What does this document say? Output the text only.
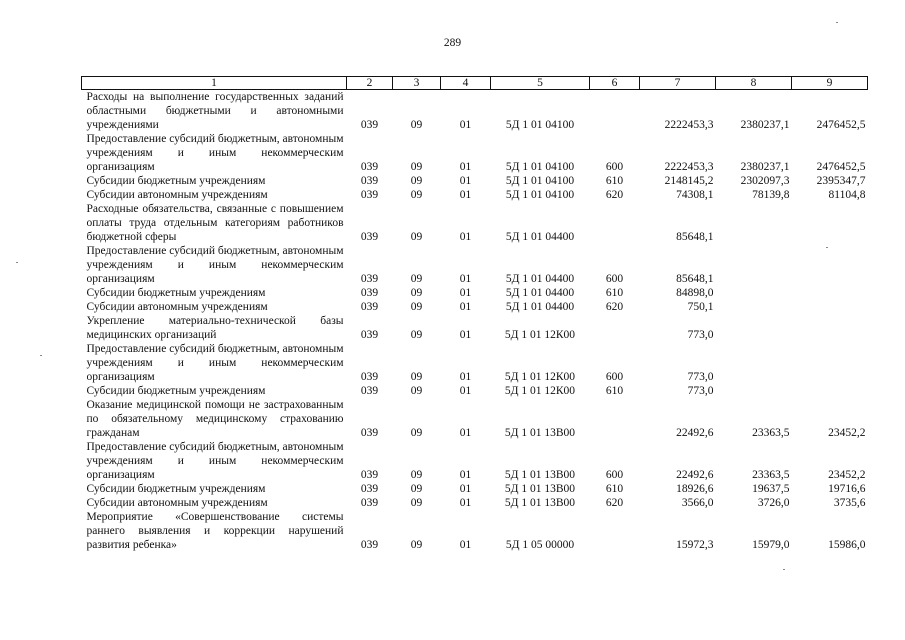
289
1	2	3	4	5	6	7	8	9
Расходы на выполнение государственных заданий областными бюджетными и автономными учреждениями	039	09	01	5Д 1 01 04100		2222453,3	2380237,1	2476452,5
Предоставление субсидий бюджетным, автономным учреждениям и иным некоммерческим организациям	039	09	01	5Д 1 01 04100	600	2222453,3	2380237,1	2476452,5
Субсидии бюджетным учреждениям	039	09	01	5Д 1 01 04100	610	2148145,2	2302097,3	2395347,7
Субсидии автономным учреждениям	039	09	01	5Д 1 01 04100	620	74308,1	78139,8	81104,8
Расходные обязательства, связанные с повышением оплаты труда отдельным категориям работников бюджетной сферы	039	09	01	5Д 1 01 04400		85648,1		
Предоставление субсидий бюджетным, автономным учреждениям и иным некоммерческим организациям	039	09	01	5Д 1 01 04400	600	85648,1		
Субсидии бюджетным учреждениям	039	09	01	5Д 1 01 04400	610	84898,0		
Субсидии автономным учреждениям	039	09	01	5Д 1 01 04400	620	750,1		
Укрепление материально-технической базы медицинских организаций	039	09	01	5Д 1 01 12К00		773,0		
Предоставление субсидий бюджетным, автономным учреждениям и иным некоммерческим организациям	039	09	01	5Д 1 01 12К00	600	773,0		
Субсидии бюджетным учреждениям	039	09	01	5Д 1 01 12К00	610	773,0		
Оказание медицинской помощи не застрахованным по обязательному медицинскому страхованию гражданам	039	09	01	5Д 1 01 13В00		22492,6	23363,5	23452,2
Предоставление субсидий бюджетным, автономным учреждениям и иным некоммерческим организациям	039	09	01	5Д 1 01 13В00	600	22492,6	23363,5	23452,2
Субсидии бюджетным учреждениям	039	09	01	5Д 1 01 13В00	610	18926,6	19637,5	19716,6
Субсидии автономным учреждениям	039	09	01	5Д 1 01 13В00	620	3566,0	3726,0	3735,6
Мероприятие «Совершенствование системы раннего выявления и коррекции нарушений развития ребенка»	039	09	01	5Д 1 05 00000		15972,3	15979,0	15986,0
